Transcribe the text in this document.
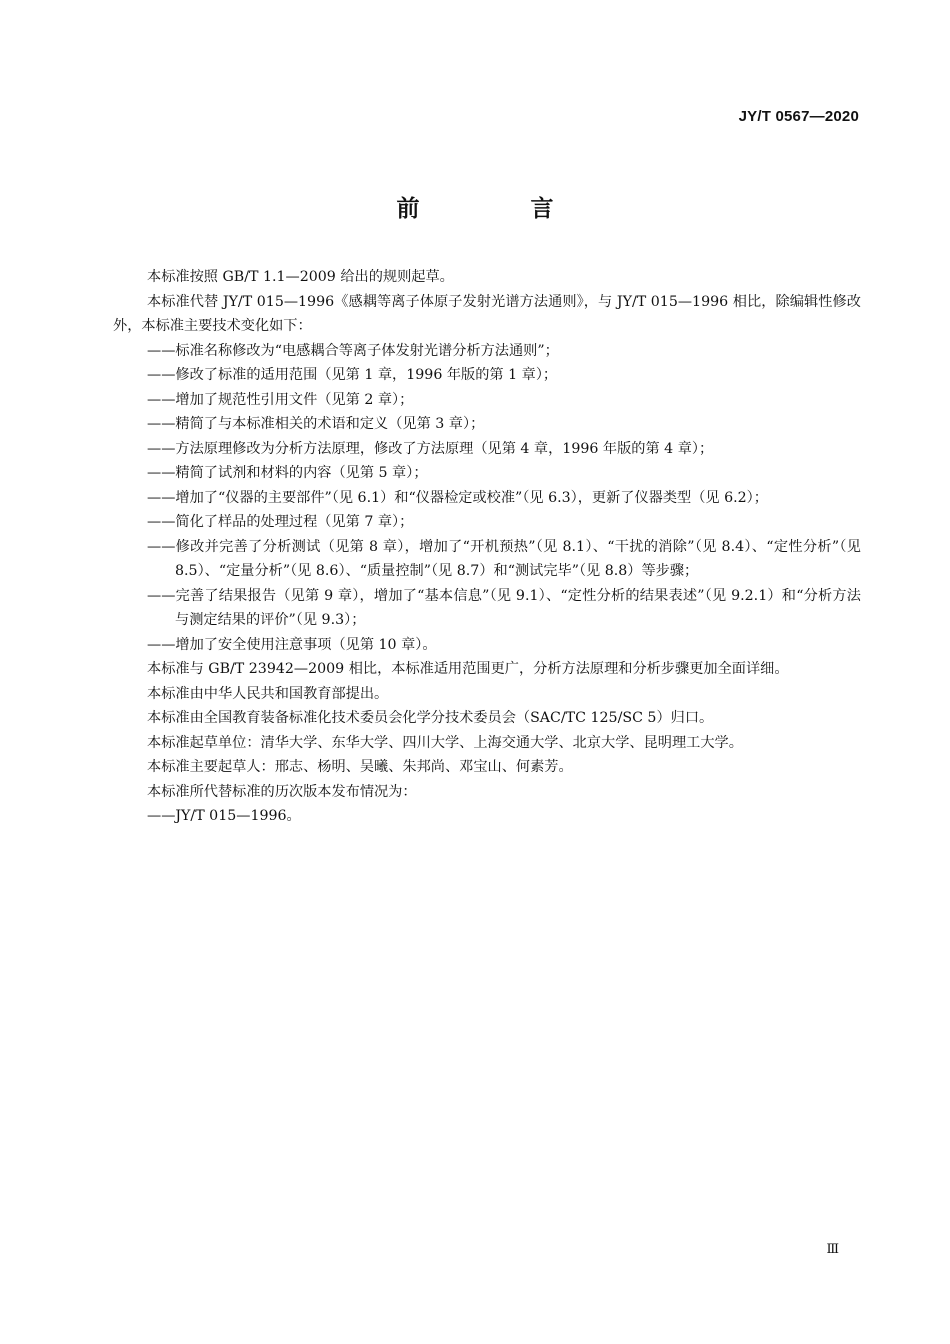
JY/T 0567—2020
前　言

本标准按照 GB/T 1.1—2009 给出的规则起草。

本标准代替 JY/T 015—1996《感耦等离子体原子发射光谱方法通则》，与 JY/T 015—1996 相比，除编辑性修改外，本标准主要技术变化如下：

——标准名称修改为“电感耦合等离子体发射光谱分析方法通则”；

——修改了标准的适用范围（见第 1 章，1996 年版的第 1 章）；

——增加了规范性引用文件（见第 2 章）；

——精简了与本标准相关的术语和定义（见第 3 章）；

——方法原理修改为分析方法原理，修改了方法原理（见第 4 章，1996 年版的第 4 章）；

——精简了试剂和材料的内容（见第 5 章）；

——增加了“仪器的主要部件”（见 6.1）和“仪器检定或校准”（见 6.3），更新了仪器类型（见 6.2）；

——简化了样品的处理过程（见第 7 章）；

——修改并完善了分析测试（见第 8 章），增加了“开机预热”（见 8.1）、“干扰的消除”（见 8.4）、“定性分析”（见 8.5）、“定量分析”（见 8.6）、“质量控制”（见 8.7）和“测试完毕”（见 8.8）等步骤；

——完善了结果报告（见第 9 章），增加了“基本信息”（见 9.1）、“定性分析的结果表述”（见 9.2.1）和“分析方法与测定结果的评价”（见 9.3）；

——增加了安全使用注意事项（见第 10 章）。

本标准与 GB/T 23942—2009 相比，本标准适用范围更广，分析方法原理和分析步骤更加全面详细。

本标准由中华人民共和国教育部提出。

本标准由全国教育装备标准化技术委员会化学分技术委员会（SAC/TC 125/SC 5）归口。

本标准起草单位：清华大学、东华大学、四川大学、上海交通大学、北京大学、昆明理工大学。

本标准主要起草人：邢志、杨明、吴曦、朱邦尚、邓宝山、何素芳。

本标准所代替标准的历次版本发布情况为：

——JY/T 015—1996。

Ⅲ
